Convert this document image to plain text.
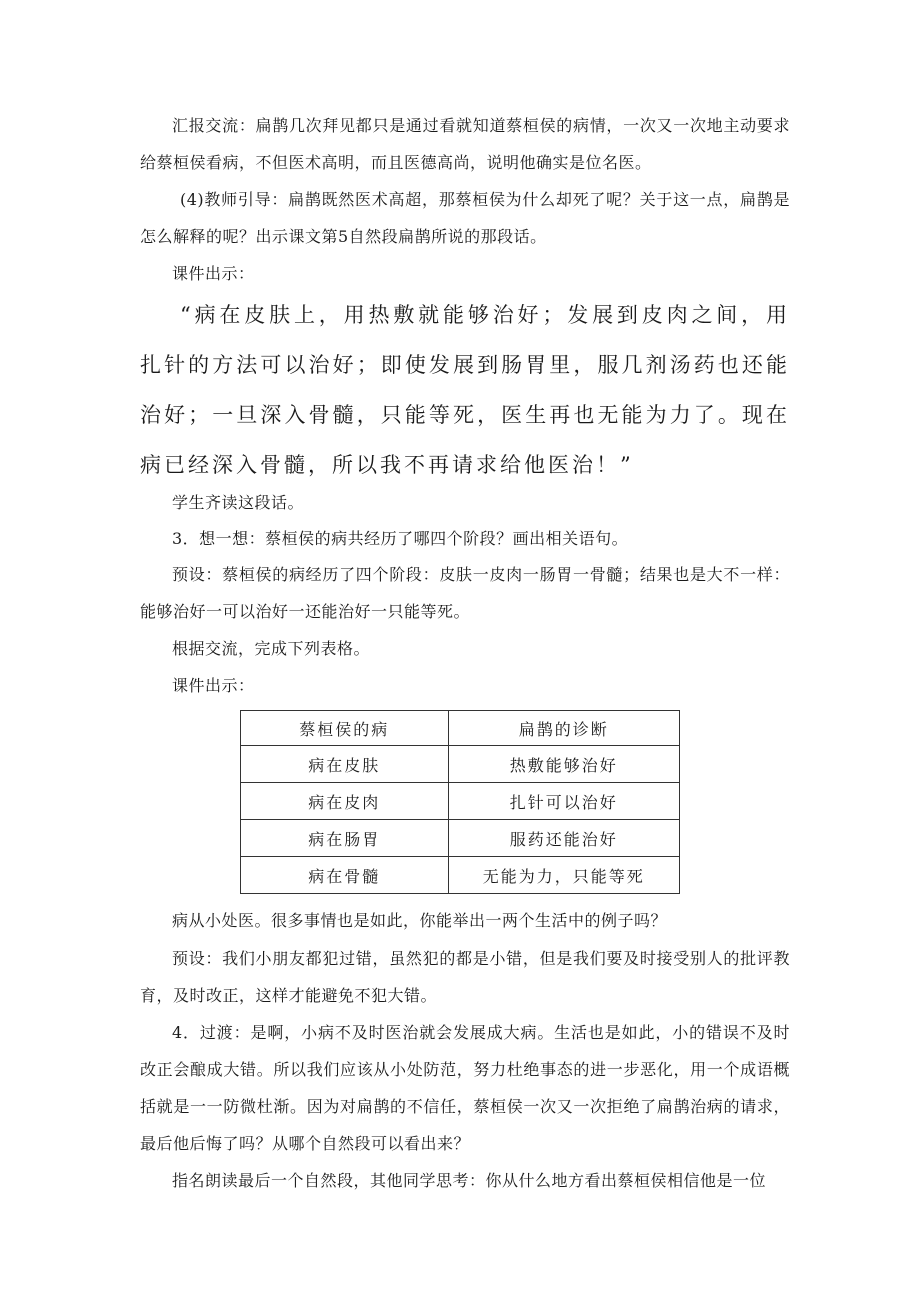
汇报交流：扁鹊几次拜见都只是通过看就知道蔡桓侯的病情，一次又一次地主动要求给蔡桓侯看病，不但医术高明，而且医德高尚，说明他确实是位名医。

(4)教师引导：扁鹊既然医术高超，那蔡桓侯为什么却死了呢？关于这一点，扁鹊是怎么解释的呢？出示课文第5自然段扁鹊所说的那段话。

课件出示：

“病在皮肤上，用热敷就能够治好；发展到皮肉之间，用扎针的方法可以治好；即使发展到肠胃里，服几剂汤药也还能治好；一旦深入骨髓，只能等死，医生再也无能为力了。现在病已经深入骨髓，所以我不再请求给他医治！”

学生齐读这段话。

3．想一想：蔡桓侯的病共经历了哪四个阶段？画出相关语句。

预设：蔡桓侯的病经历了四个阶段：皮肤一皮肉一肠胃一骨髓；结果也是大不一样：能够治好一可以治好一还能治好一只能等死。

根据交流，完成下列表格。

课件出示：

蔡桓侯的病	扁鹊的诊断
病在皮肤	热敷能够治好
病在皮肉	扎针可以治好
病在肠胃	服药还能治好
病在骨髓	无能为力，只能等死

病从小处医。很多事情也是如此，你能举出一两个生活中的例子吗？

预设：我们小朋友都犯过错，虽然犯的都是小错，但是我们要及时接受别人的批评教育，及时改正，这样才能避免不犯大错。

4．过渡：是啊，小病不及时医治就会发展成大病。生活也是如此，小的错误不及时改正会酿成大错。所以我们应该从小处防范，努力杜绝事态的进一步恶化，用一个成语概括就是一一防微杜渐。因为对扁鹊的不信任，蔡桓侯一次又一次拒绝了扁鹊治病的请求，最后他后悔了吗？从哪个自然段可以看出来？

指名朗读最后一个自然段，其他同学思考：你从什么地方看出蔡桓侯相信他是一位
